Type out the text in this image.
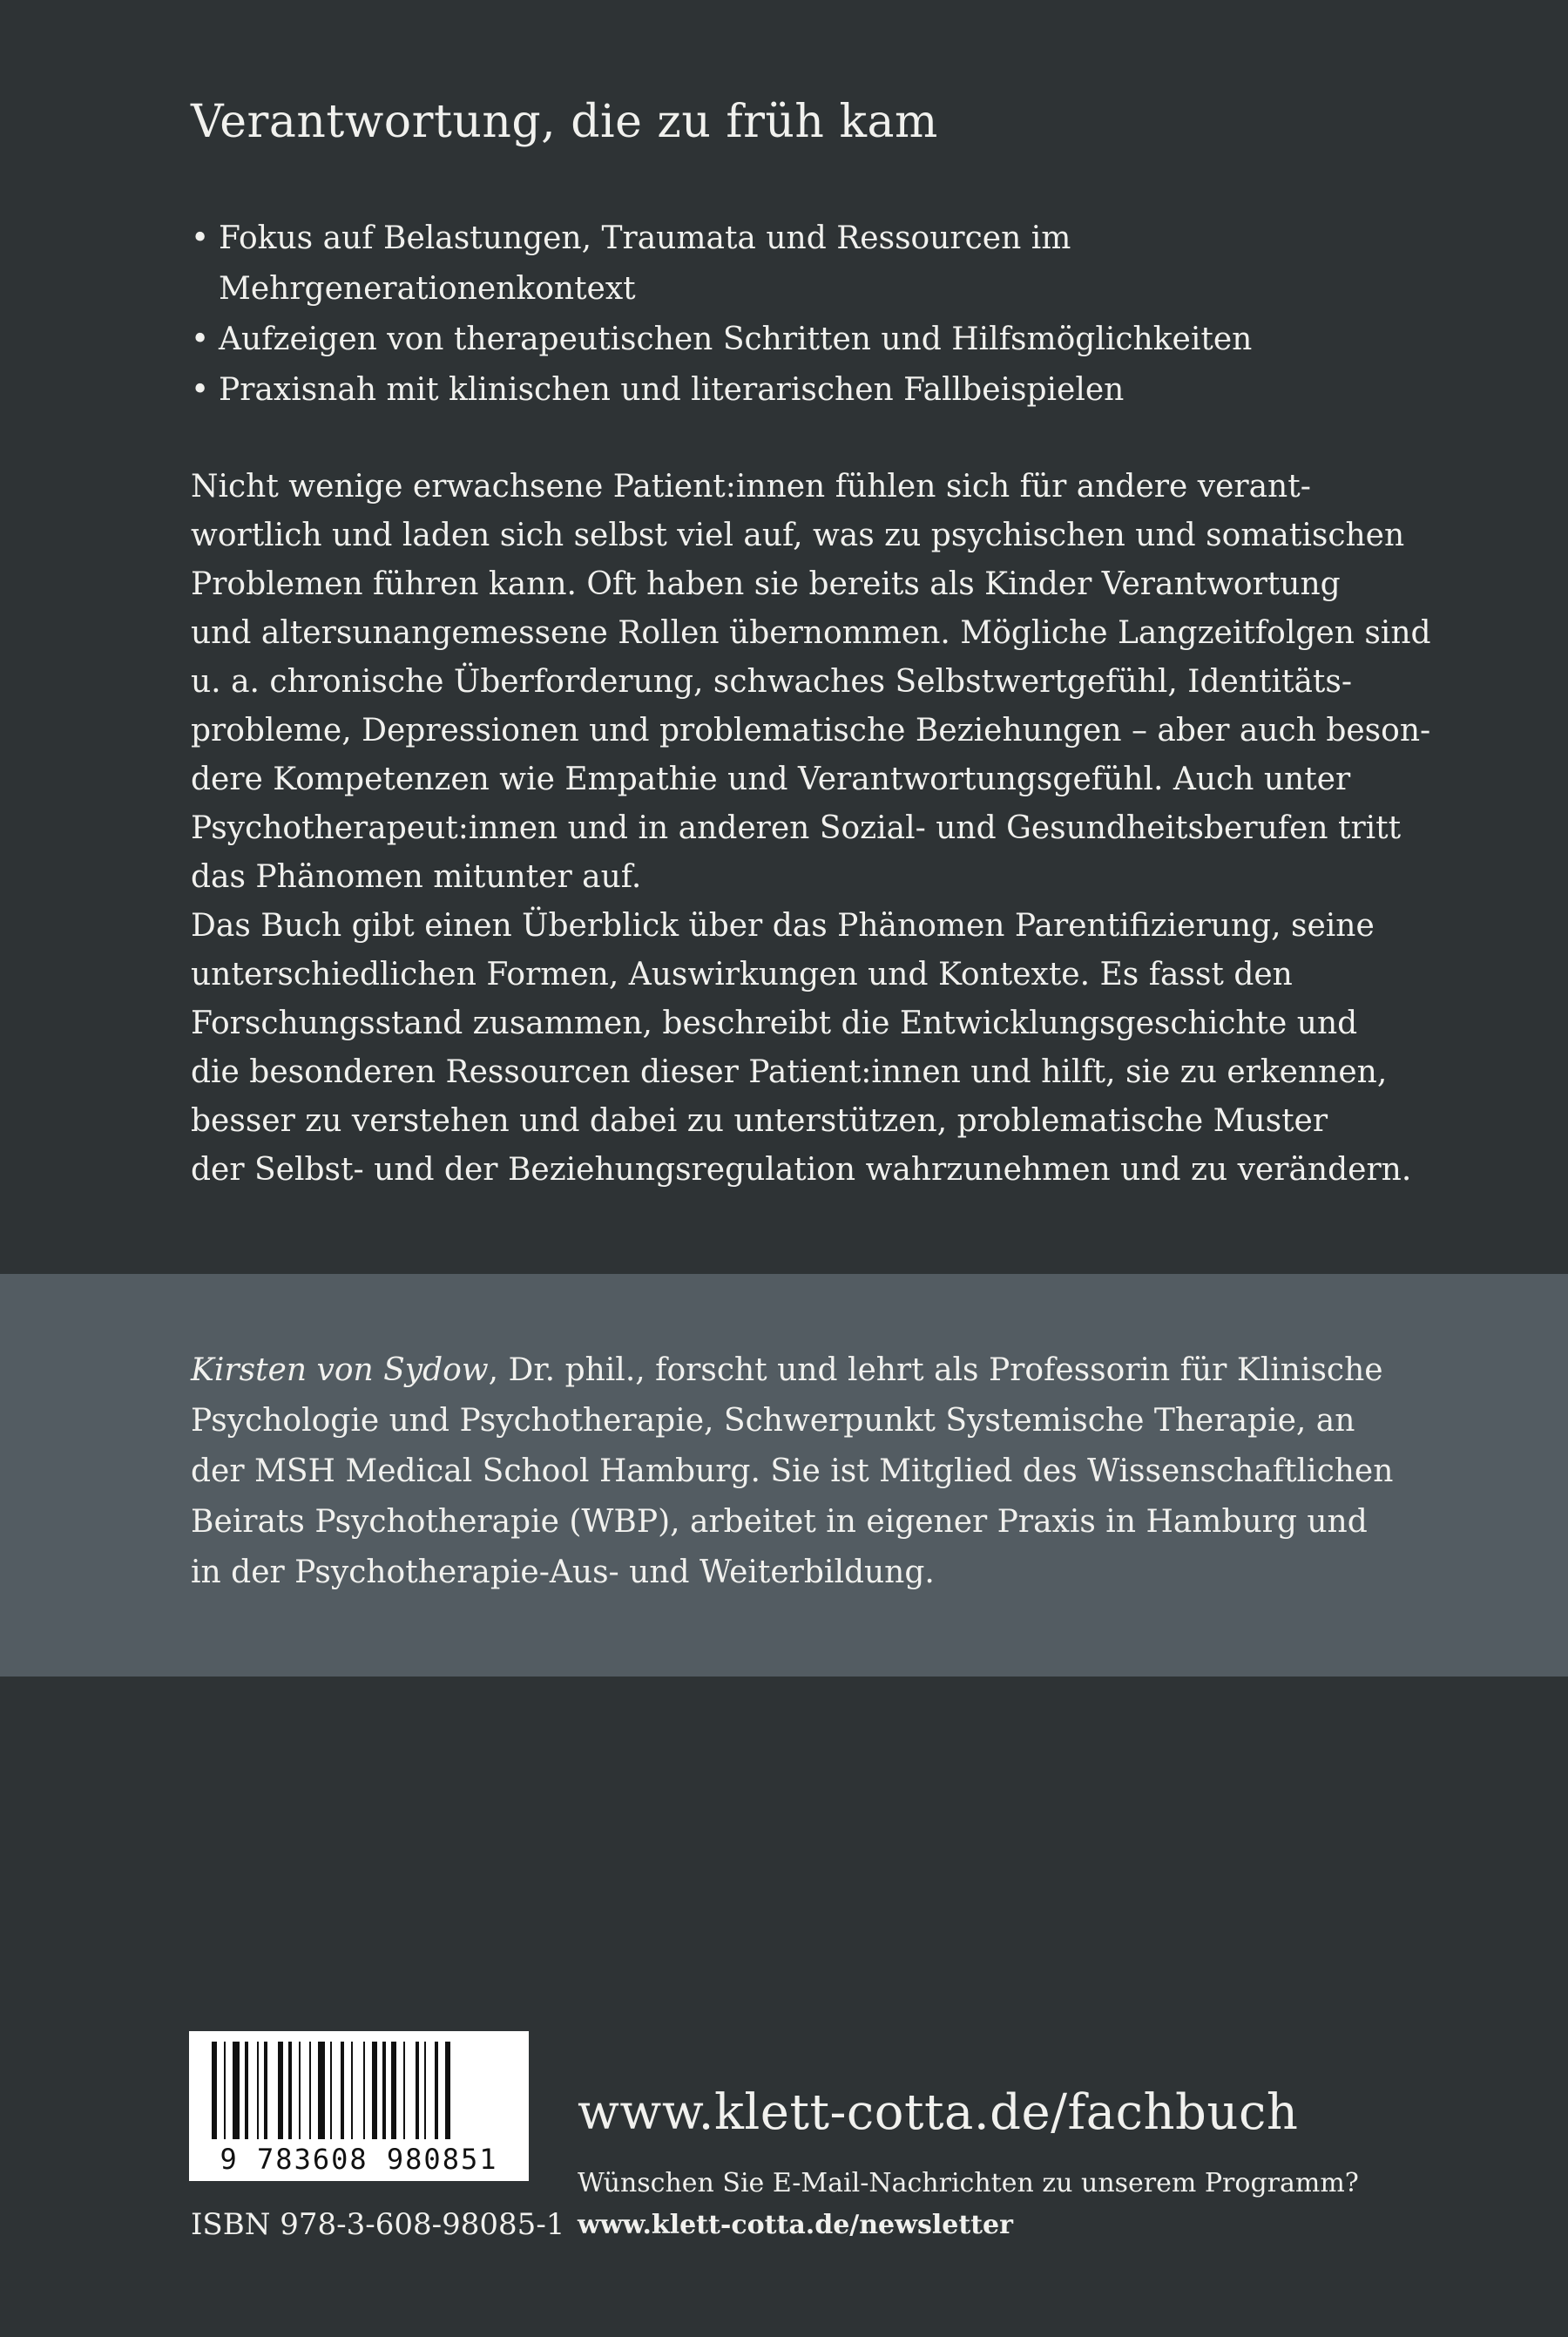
Verantwortung, die zu früh kam
• Fokus auf Belastungen, Traumata und Ressourcen im Mehrgenerationenkontext
• Aufzeigen von therapeutischen Schritten und Hilfsmöglichkeiten
• Praxisnah mit klinischen und literarischen Fallbeispielen
Nicht wenige erwachsene Patient:innen fühlen sich für andere verant-
wortlich und laden sich selbst viel auf, was zu psychischen und somatischen
Problemen führen kann. Oft haben sie bereits als Kinder Verantwortung
und altersunangemessene Rollen übernommen. Mögliche Langzeitfolgen sind
u. a. chronische Überforderung, schwaches Selbstwertgefühl, Identitäts-
probleme, Depressionen und problematische Beziehungen – aber auch beson-
dere Kompetenzen wie Empathie und Verantwortungsgefühl. Auch unter
Psychotherapeut:innen und in anderen Sozial- und Gesundheitsberufen tritt
das Phänomen mitunter auf.
Das Buch gibt einen Überblick über das Phänomen Parentifizierung, seine
unterschiedlichen Formen, Auswirkungen und Kontexte. Es fasst den
Forschungsstand zusammen, beschreibt die Entwicklungsgeschichte und
die besonderen Ressourcen dieser Patient:innen und hilft, sie zu erkennen,
besser zu verstehen und dabei zu unterstützen, problematische Muster
der Selbst- und der Beziehungsregulation wahrzunehmen und zu verändern.
Kirsten von Sydow, Dr. phil., forscht und lehrt als Professorin für Klinische
Psychologie und Psychotherapie, Schwerpunkt Systemische Therapie, an
der MSH Medical School Hamburg. Sie ist Mitglied des Wissenschaftlichen
Beirats Psychotherapie (WBP), arbeitet in eigener Praxis in Hamburg und
in der Psychotherapie-Aus- und Weiterbildung.
9 783608 980851
ISBN 978-3-608-98085-1
www.klett-cotta.de/fachbuch
Wünschen Sie E-Mail-Nachrichten zu unserem Programm?
www.klett-cotta.de/newsletter
